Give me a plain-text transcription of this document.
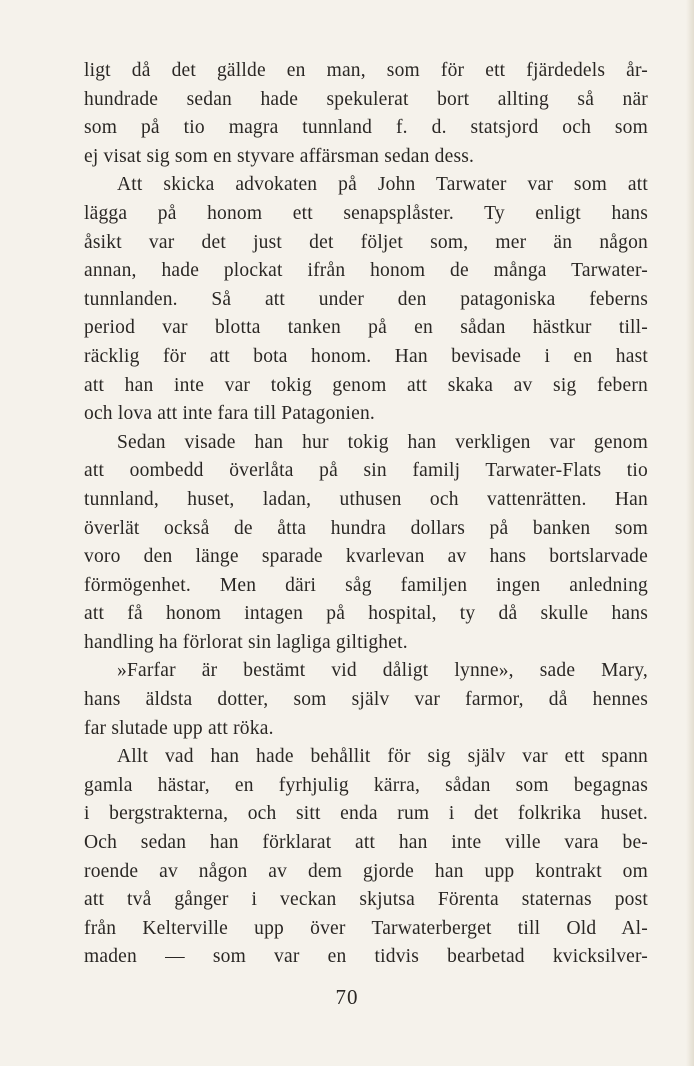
ligt då det gällde en man, som för ett fjärdedels år-
hundrade sedan hade spekulerat bort allting så när
som på tio magra tunnland f. d. statsjord och som
ej visat sig som en styvare affärsman sedan dess.
Att skicka advokaten på John Tarwater var som att
lägga på honom ett senapsplåster. Ty enligt hans
åsikt var det just det följet som, mer än någon
annan, hade plockat ifrån honom de många Tarwater-
tunnlanden. Så att under den patagoniska feberns
period var blotta tanken på en sådan hästkur till-
räcklig för att bota honom. Han bevisade i en hast
att han inte var tokig genom att skaka av sig febern
och lova att inte fara till Patagonien.
Sedan visade han hur tokig han verkligen var genom
att oombedd överlåta på sin familj Tarwater-Flats tio
tunnland, huset, ladan, uthusen och vattenrätten. Han
överlät också de åtta hundra dollars på banken som
voro den länge sparade kvarlevan av hans bortslarvade
förmögenhet. Men däri såg familjen ingen anledning
att få honom intagen på hospital, ty då skulle hans
handling ha förlorat sin lagliga giltighet.
»Farfar är bestämt vid dåligt lynne», sade Mary,
hans äldsta dotter, som själv var farmor, då hennes
far slutade upp att röka.
Allt vad han hade behållit för sig själv var ett spann
gamla hästar, en fyrhjulig kärra, sådan som begagnas
i bergstrakterna, och sitt enda rum i det folkrika huset.
Och sedan han förklarat att han inte ville vara be-
roende av någon av dem gjorde han upp kontrakt om
att två gånger i veckan skjutsa Förenta staternas post
från Kelterville upp över Tarwaterberget till Old Al-
maden — som var en tidvis bearbetad kvicksilver-
70
